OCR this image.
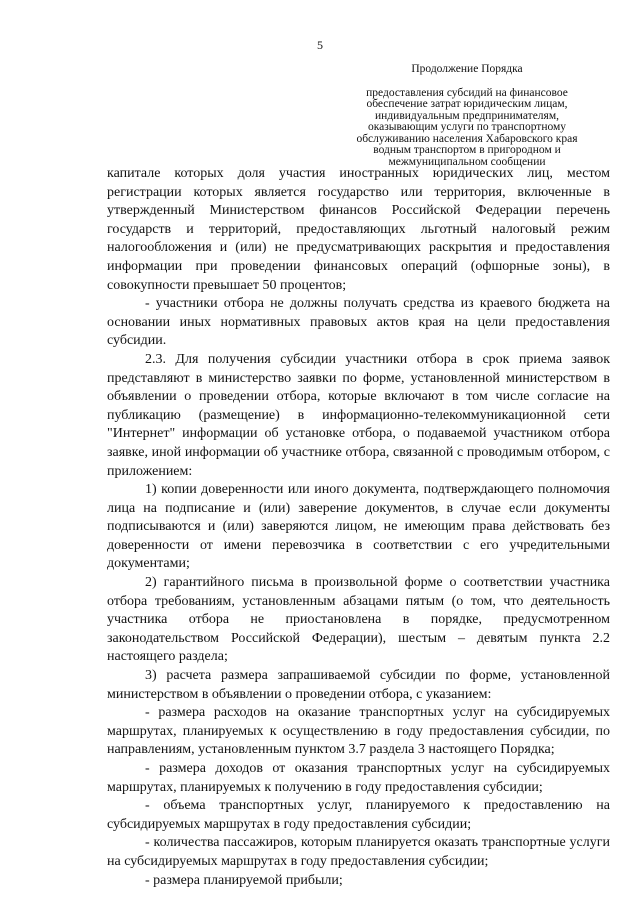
5
Продолжение Порядка
предоставления субсидий на финансовое
обеспечение затрат юридическим лицам,
индивидуальным предпринимателям,
оказывающим услуги по транспортному
обслуживанию населения Хабаровского края
водным транспортом в пригородном и
межмуниципальном сообщении

капитале которых доля участия иностранных юридических лиц, местом регистрации которых является государство или территория, включенные в утвержденный Министерством финансов Российской Федерации перечень государств и территорий, предоставляющих льготный налоговый режим налогообложения и (или) не предусматривающих раскрытия и предоставления информации при проведении финансовых операций (офшорные зоны), в совокупности превышает 50 процентов;

- участники отбора не должны получать средства из краевого бюджета на основании иных нормативных правовых актов края на цели предоставления субсидии.

2.3. Для получения субсидии участники отбора в срок приема заявок представляют в министерство заявки по форме, установленной министерством в объявлении о проведении отбора, которые включают в том числе согласие на публикацию (размещение) в информационно-телекоммуникационной сети "Интернет" информации об установке отбора, о подаваемой участником отбора заявке, иной информации об участнике отбора, связанной с проводимым отбором, с приложением:

1) копии доверенности или иного документа, подтверждающего полномочия лица на подписание и (или) заверение документов, в случае если документы подписываются и (или) заверяются лицом, не имеющим права действовать без доверенности от имени перевозчика в соответствии с его учредительными документами;

2) гарантийного письма в произвольной форме о соответствии участника отбора требованиям, установленным абзацами пятым (о том, что деятельность участника отбора не приостановлена в порядке, предусмотренном законодательством Российской Федерации), шестым – девятым пункта 2.2 настоящего раздела;

3) расчета размера запрашиваемой субсидии по форме, установленной министерством в объявлении о проведении отбора, с указанием:

- размера расходов на оказание транспортных услуг на субсидируемых маршрутах, планируемых к осуществлению в году предоставления субсидии, по направлениям, установленным пунктом 3.7 раздела 3 настоящего Порядка;

- размера доходов от оказания транспортных услуг на субсидируемых маршрутах, планируемых к получению в году предоставления субсидии;

- объема транспортных услуг, планируемого к предоставлению на субсидируемых маршрутах в году предоставления субсидии;

- количества пассажиров, которым планируется оказать транспортные услуги на субсидируемых маршрутах в году предоставления субсидии;

- размера планируемой прибыли;
